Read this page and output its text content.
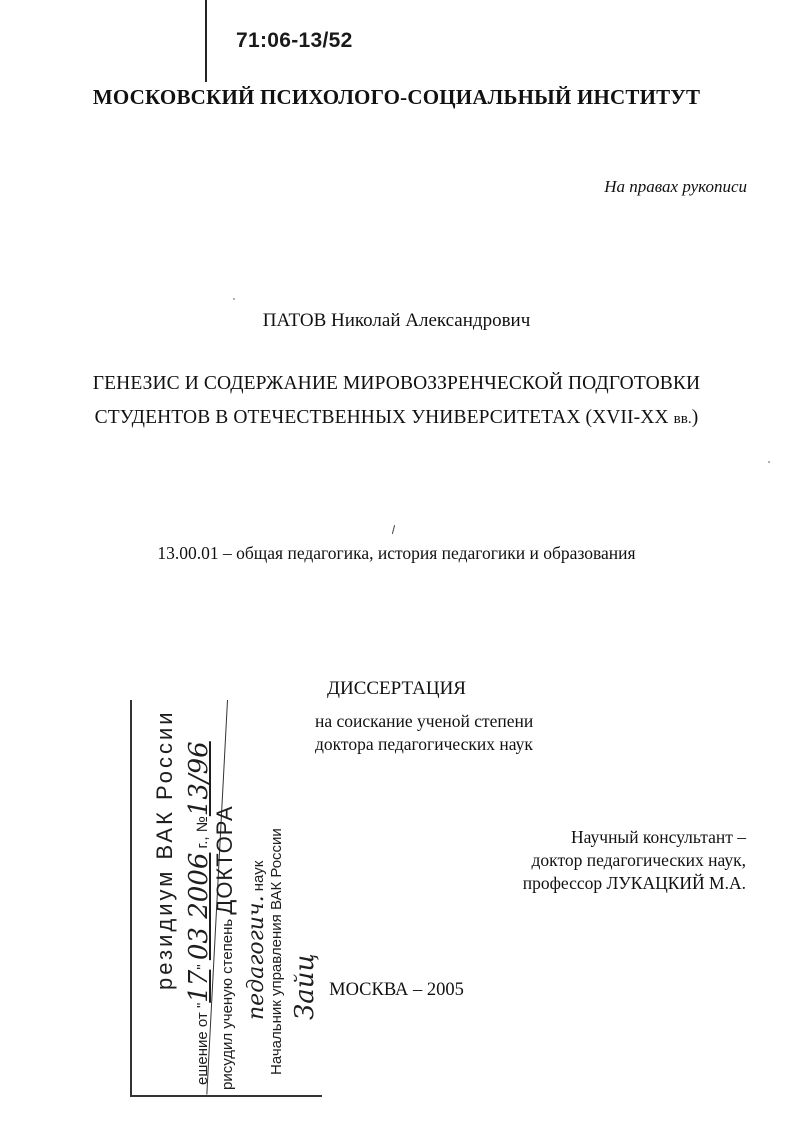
71:06-13/52
МОСКОВСКИЙ ПСИХОЛОГО-СОЦИАЛЬНЫЙ ИНСТИТУТ
На правах рукописи
ПАТОВ Николай Александрович
ГЕНЕЗИС И СОДЕРЖАНИЕ МИРОВОЗЗРЕНЧЕСКОЙ ПОДГОТОВКИ
СТУДЕНТОВ В ОТЕЧЕСТВЕННЫХ УНИВЕРСИТЕТАХ (XVII-XX вв.)
13.00.01 – общая педагогика, история педагогики и образования
ДИССЕРТАЦИЯ
на соискание ученой степени
доктора педагогических наук
Научный консультант –
доктор педагогических наук,
профессор ЛУКАЦКИЙ М.А.
МОСКВА – 2005
резидиум ВАК России
ешение от "17" 03 2006 г., №13/96
рисудил ученую степень ДОКТОРА
педагогич. наук Начальник управления ВАК России Зайц
